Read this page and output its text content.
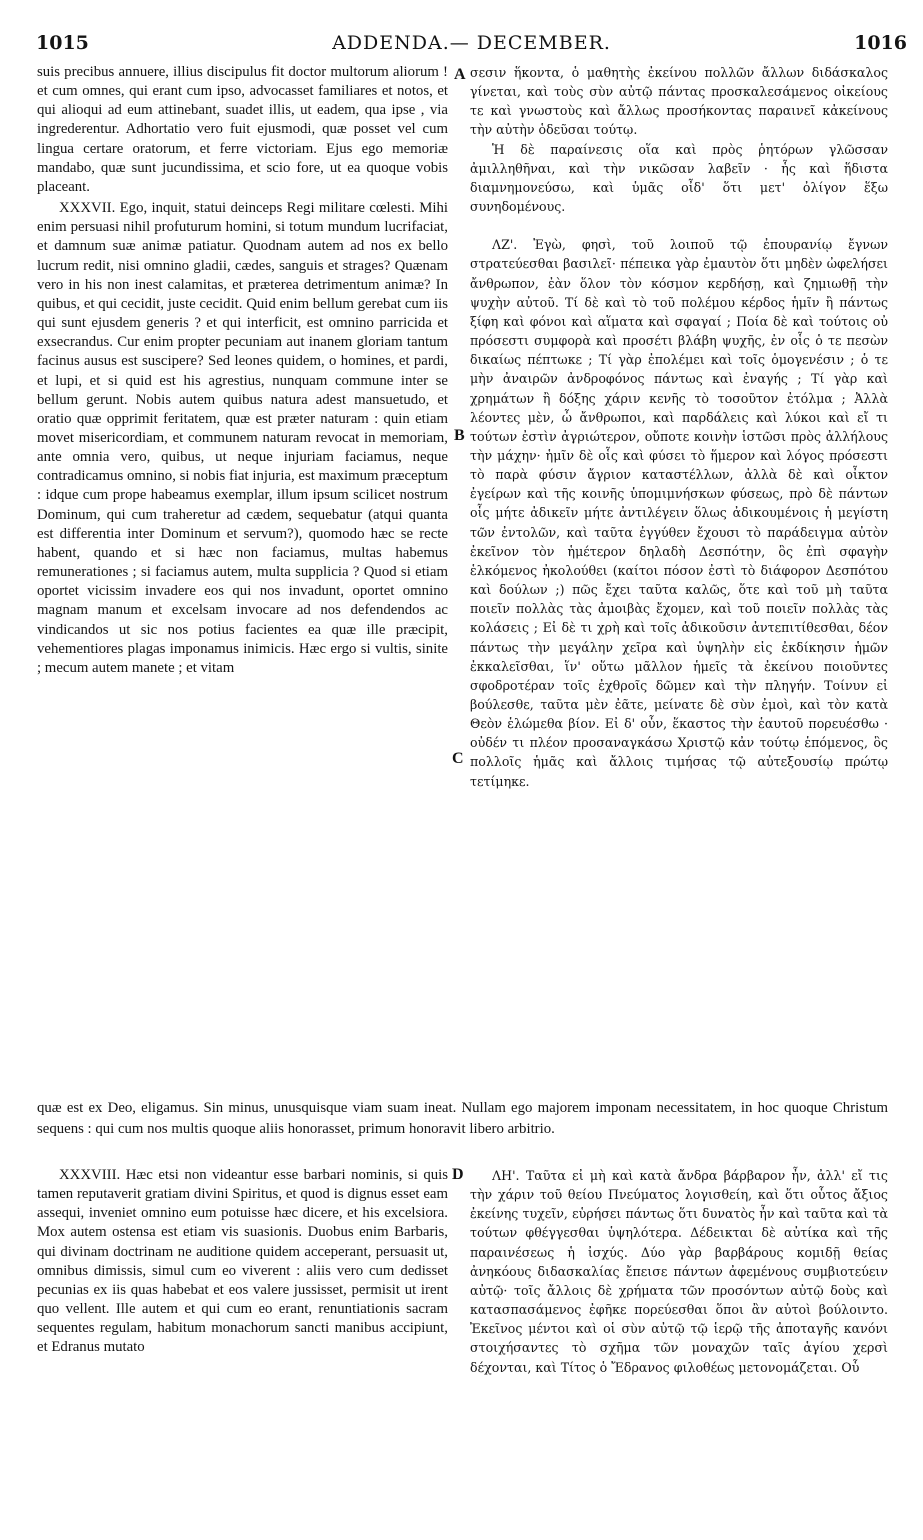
1015	ADDENDA.— DECEMBER.	1016

suis precibus annuere, illius discipulus fit doctor multorum aliorum ! et cum omnes, qui erant cum ipso, advocasset familiares et notos, et qui alioqui ad eum attinebant, suadet illis, ut eadem, qua ipse , via ingrederentur. Adhortatio vero fuit ejusmodi, quæ posset vel cum lingua certare oratorum, et ferre victoriam. Ejus ego memoriæ mandabo, quæ sunt jucundissima, et scio fore, ut ea quoque vobis placeant.

XXXVII. Ego, inquit, statui deinceps Regi militare cœlesti. Mihi enim persuasi nihil profuturum homini, si totum mundum lucrifaciat, et damnum suæ animæ patiatur. Quodnam autem ad nos ex bello lucrum redit, nisi omnino gladii, cædes, sanguis et strages? Quænam vero in his non inest calamitas, et præterea detrimentum animæ? In quibus, et qui cecidit, juste cecidit. Quid enim bellum gerebat cum iis qui sunt ejusdem generis ? et qui interficit, est omnino parricida et exsecrandus. Cur enim propter pecuniam aut inanem gloriam tantum facinus ausus est suscipere? Sed leones quidem, o homines, et pardi, et lupi, et si quid est his agrestius, nunquam commune inter se bellum gerunt. Nobis autem quibus natura adest mansuetudo, et oratio quæ opprimit feritatem, quæ est præter naturam : quin etiam movet misericordiam, et communem naturam revocat in memoriam, ante omnia vero, quibus, ut neque injuriam faciamus, neque contradicamus omnino, si nobis fiat injuria, est maximum præceptum : idque cum prope habeamus exemplar, illum ipsum scilicet nostrum Dominum, qui cum traheretur ad cædem, sequebatur (atqui quanta est differentia inter Dominum et servum?), quomodo hæc se recte habent, quando et si hæc non faciamus, multas habemus remunerationes ; si faciamus autem, multa supplicia ? Quod si etiam oportet vicissim invadere eos qui nos invadunt, oportet omnino magnam manum et excelsam invocare ad nos defendendos ac vindicandos ut sic nos potius facientes ea quæ ille præcipit, vehementiores plagas imponamus inimicis. Hæc ergo si vultis, sinite ; mecum autem manete ; et vitam

σεσιν ἥκοντα, ὁ μαθητὴς ἐκείνου πολλῶν ἄλλων διδάσκαλος γίνεται, καὶ τοὺς σὺν αὐτῷ πάντας προσκαλεσάμενος οἰκείους τε καὶ γνωστοὺς καὶ ἄλλως προσήκοντας παραινεῖ κἀκείνους τὴν αὐτὴν ὁδεῦσαι τούτῳ.

Ἡ δὲ παραίνεσις οἵα καὶ πρὸς ῥητόρων γλῶσσαν ἀμιλληθῆναι, καὶ τὴν νικῶσαν λαβεῖν · ἧς καὶ ἥδιστα διαμνημονεύσω, καὶ ὑμᾶς οἶδ' ὅτι μετ' ὀλίγον ἕξω συνηδομένους.

ΛΖ'. Ἐγὼ, φησὶ, τοῦ λοιποῦ τῷ ἐπουρανίῳ ἔγνων στρατεύεσθαι βασιλεῖ· πέπεικα γὰρ ἐμαυτὸν ὅτι μηδὲν ὠφελήσει ἄνθρωπον, ἐὰν ὅλον τὸν κόσμον κερδήσῃ, καὶ ζημιωθῇ τὴν ψυχὴν αὐτοῦ. Τί δὲ καὶ τὸ τοῦ πολέμου κέρδος ἡμῖν ἢ πάντως ξίφη καὶ φόνοι καὶ αἵματα καὶ σφαγαί ; Ποία δὲ καὶ τούτοις οὐ πρόσεστι συμφορὰ καὶ προσέτι βλάβη ψυχῆς, ἐν οἷς ὁ τε πεσὼν δικαίως πέπτωκε ; Τί γὰρ ἐπολέμει καὶ τοῖς ὁμογενέσιν ; ὁ τε μὴν ἀναιρῶν ἀνδροφόνος πάντως καὶ ἐναγής ; Τί γὰρ καὶ χρημάτων ἢ δόξης χάριν κενῆς τὸ τοσοῦτον ἐτόλμα ; Ἀλλὰ λέοντες μὲν, ὦ ἄνθρωποι, καὶ παρδάλεις καὶ λύκοι καὶ εἴ τι τούτων ἐστὶν ἀγριώτερον, οὔποτε κοινὴν ἱστῶσι πρὸς ἀλλήλους τὴν μάχην· ἡμῖν δὲ οἷς καὶ φύσει τὸ ἥμερον καὶ λόγος πρόσεστι τὸ παρὰ φύσιν ἄγριον καταστέλλων, ἀλλὰ δὲ καὶ οἶκτον ἐγείρων καὶ τῆς κοινῆς ὑπομιμνήσκων φύσεως, πρὸ δὲ πάντων οἷς μήτε ἀδικεῖν μήτε ἀντιλέγειν ὅλως ἀδικουμένοις ἡ μεγίστη τῶν ἐντολῶν, καὶ ταῦτα ἐγγύθεν ἔχουσι τὸ παράδειγμα αὐτὸν ἐκεῖνον τὸν ἡμέτερον δηλαδὴ Δεσπότην, ὃς ἐπὶ σφαγὴν ἑλκόμενος ἠκολούθει (καίτοι πόσον ἐστὶ τὸ διάφορον Δεσπότου καὶ δούλων ;) πῶς ἔχει ταῦτα καλῶς, ὅτε καὶ τοῦ μὴ ταῦτα ποιεῖν πολλὰς τὰς ἀμοιβὰς ἔχομεν, καὶ τοῦ ποιεῖν πολλὰς τὰς κολάσεις ; Εἰ δὲ τι χρὴ καὶ τοῖς ἀδικοῦσιν ἀντεπιτίθεσθαι, δέον πάντως τὴν μεγάλην χεῖρα καὶ ὑψηλὴν εἰς ἐκδίκησιν ἡμῶν ἐκκαλεῖσθαι, ἵν' οὕτω μᾶλλον ἡμεῖς τὰ ἐκείνου ποιοῦντες σφοδροτέραν τοῖς ἐχθροῖς δῶμεν καὶ τὴν πληγήν. Τοίνυν εἰ βούλεσθε, ταῦτα μὲν ἐᾶτε, μείνατε δὲ σὺν ἐμοὶ, καὶ τὸν κατὰ Θεὸν ἑλώμεθα βίον. Εἰ δ' οὖν, ἕκαστος τὴν ἑαυτοῦ πορευέσθω · οὐδέν τι πλέον προσαναγκάσω Χριστῷ κἀν τούτῳ ἑπόμενος, ὃς πολλοῖς ἡμᾶς καὶ ἄλλοις τιμήσας τῷ αὐτεξουσίῳ πρώτῳ τετίμηκε.

quæ est ex Deo, eligamus. Sin minus, unusquisque viam suam ineat. Nullam ego majorem imponam necessitatem, in hoc quoque Christum sequens : qui cum nos multis quoque aliis honorasset, primum honoravit libero arbitrio.

XXXVIII. Hæc etsi non videantur esse barbari nominis, si quis tamen reputaverit gratiam divini Spiritus, et quod is dignus esset eam assequi, inveniet omnino eum potuisse hæc dicere, et his excelsiora. Mox autem ostensa est etiam vis suasionis. Duobus enim Barbaris, qui divinam doctrinam ne auditione quidem acceperant, persuasit ut, omnibus dimissis, simul cum eo viverent : aliis vero cum dedisset pecunias ex iis quas habebat et eos valere jussisset, permisit ut irent quo vellent. Ille autem et qui cum eo erant, renuntiationis sacram sequentes regulam, habitum monachorum sancti manibus accipiunt, et Edranus mutato

ΛΗ'. Ταῦτα εἰ μὴ καὶ κατὰ ἄνδρα βάρβαρον ἦν, ἀλλ' εἴ τις τὴν χάριν τοῦ θείου Πνεύματος λογισθείη, καὶ ὅτι οὗτος ἄξιος ἐκείνης τυχεῖν, εὑρήσει πάντως ὅτι δυνατὸς ἦν καὶ ταῦτα καὶ τὰ τούτων φθέγγεσθαι ὑψηλότερα. Δέδεικται δὲ αὐτίκα καὶ τῆς παραινέσεως ἡ ἰσχύς. Δύο γὰρ βαρβάρους κομιδῇ θείας ἀνηκόους διδασκαλίας ἔπεισε πάντων ἀφεμένους συμβιοτεύειν αὐτῷ· τοῖς ἄλλοις δὲ χρήματα τῶν προσόντων αὐτῷ δοὺς καὶ κατασπασάμενος ἐφῆκε πορεύεσθαι ὅποι ἂν αὐτοὶ βούλοιντο. Ἐκεῖνος μέντοι καὶ οἱ σὺν αὐτῷ τῷ ἱερῷ τῆς ἀποταγῆς κανόνι στοιχήσαντες τὸ σχῆμα τῶν μοναχῶν ταῖς ἁγίου χερσὶ δέχονται, καὶ Τίτος ὁ Ἔδρανος φιλοθέως μετονομάζεται. Οὗ

A
B
C
D
